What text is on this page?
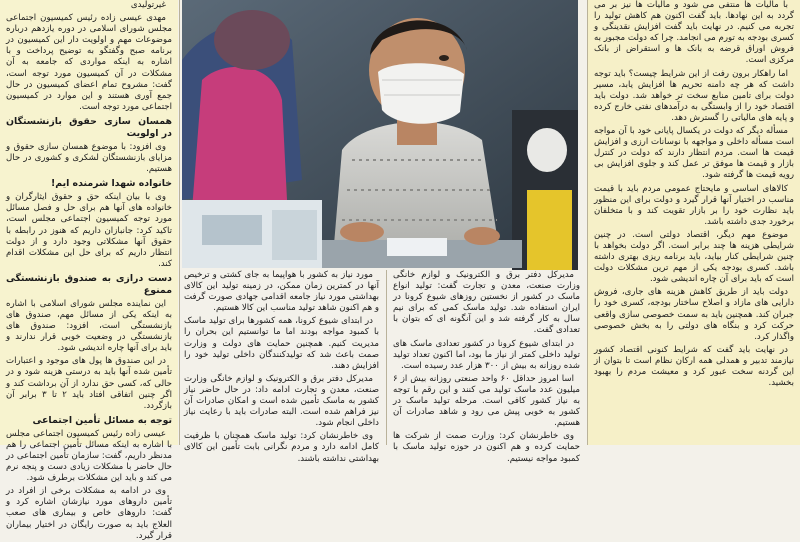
با مالیات ها منتفی می شود و مالیات ها نیز بر می گردد به این نهادها. باید گفت اکنون هم کاهش تولید را تجربه می کنیم. در نهایت باید گفت افزایش نقدینگی و کسری بودجه به تورم می انجامد. چرا که دولت مجبور به فروش اوراق قرضه به بانک ها و استقراض از بانک مرکزی است.

اما راهکار برون رفت از این شرایط چیست؟ باید توجه داشت که هر چه دامنه تحریم ها افزایش یابد، مسیر دولت برای تامین منابع سخت تر خواهد شد. دولت باید اقتصاد خود را از وابستگی به درآمدهای نفتی خارج کرده و پایه های مالیاتی را گسترش دهد.

مسأله دیگر که دولت در یکسال پایانی خود با آن مواجه است مسأله داخلی و مواجهه با نوسانات ارزی و افزایش قیمت ها است. مردم انتظار دارند که دولت در کنترل بازار و قیمت ها موفق تر عمل کند و جلوی افزایش بی رویه قیمت ها گرفته شود.

کالاهای اساسی و مایحتاج عمومی مردم باید با قیمت مناسب در اختیار آنها قرار گیرد و دولت برای این منظور باید نظارت خود را بر بازار تقویت کند و با متخلفان برخورد جدی داشته باشد.

موضوع مهم دیگر، اقتصاد دولتی است. در چنین شرایطی هزینه ها چند برابر است. اگر دولت بخواهد با چنین شرایطی کنار بیاید، باید برنامه ریزی بهتری داشته باشد. کسری بودجه یکی از مهم ترین مشکلات دولت است که باید برای آن چاره اندیشی شود.

دولت باید از طریق کاهش هزینه های جاری، فروش دارایی های مازاد و اصلاح ساختار بودجه، کسری خود را جبران کند. همچنین باید به سمت خصوصی سازی واقعی حرکت کرد و بنگاه های دولتی را به بخش خصوصی واگذار کرد.

در نهایت باید گفت که شرایط کنونی اقتصاد کشور نیازمند تدبیر و همدلی همه ارکان نظام است تا بتوان از این گردنه سخت عبور کرد و معیشت مردم را بهبود بخشید.

مدیرکل دفتر برق و الکترونیک و لوازم خانگی وزارت صنعت، معدن و تجارت گفت: تولید انواع ماسک در کشور از نخستین روزهای شیوع کرونا در ایران استفاده شد. تولید ماسک کمی که برای نیم سال به کار گرفته شد و این آنگونه ای که بتوان با تعدادی گفت.

در ابتدای شیوع کرونا در کشور تعدادی ماسک های تولید داخلی کمتر از نیاز ما بود، اما اکنون تعداد تولید شده روزانه به بیش از ۳۰۰ هزار عدد رسیده است.

اسا امروز حداقل ۶۰ واحد صنعتی روزانه بیش از ۶ میلیون عدد ماسک تولید می کنند و این رقم با توجه به نیاز کشور کافی است. مرحله تولید ماسک در کشور به خوبی پیش می رود و شاهد صادرات آن هستیم.

وی خاطرنشان کرد: وزارت صمت از شرکت ها حمایت کرده و هم اکنون در حوزه تولید ماسک با کمبود مواجه نیستیم.

مورد نیاز به کشور با هواپیما به جای کشتی و ترخیص آنها در کمترین زمان ممکن، در زمینه تولید این کالای بهداشتی مورد نیاز جامعه اقدامی جهادی صورت گرفت و هم اکنون شاهد تولید مناسب این کالا هستیم.

در ابتدای شیوع کرونا، همه کشورها برای تولید ماسک با کمبود مواجه بودند اما ما توانستیم این بحران را مدیریت کنیم. همچنین حمایت های دولت و وزارت صمت باعث شد که تولیدکنندگان داخلی تولید خود را افزایش دهند.

مدیرکل دفتر برق و الکترونیک و لوازم خانگی وزارت صنعت، معدن و تجارت ادامه داد: در حال حاضر نیاز کشور به ماسک تأمین شده است و امکان صادرات آن نیز فراهم شده است. البته صادرات باید با رعایت نیاز داخلی انجام شود.

وی خاطرنشان کرد: تولید ماسک همچنان با ظرفیت کامل ادامه دارد و مردم نگرانی بابت تأمین این کالای بهداشتی نداشته باشند.

غیرتولیدی

مهدی عیسی زاده رئیس کمیسیون اجتماعی مجلس شورای اسلامی در دوره یازدهم درباره موضوعات مهم و اولویت دار این کمیسیون در برنامه صبح وگفتگو به توضیح پرداخت و با اشاره به اینکه مواردی که جامعه به آن مشکلات در آن کمیسیون مورد توجه است، گفت: مشروح تمام اعضای کمیسیون در حال جمع آوری هستند و این موارد در کمیسیون اجتماعی مورد توجه است.

همسان سازی حقوق بازنشستگان در اولویت

وی افزود: با موضوع همسان سازی حقوق و مزایای بازنشستگان لشکری و کشوری در حال هستیم.

خانواده شهدا شرمنده ایم!

وی با بیان اینکه حق و حقوق ایثارگران و خانواده های آنها هم برای حل و فصل مسائل مورد توجه کمیسیون اجتماعی مجلس است، تاکید کرد: جانبازان داریم که هنوز در رابطه با حقوق آنها مشکلاتی وجود دارد و از دولت انتظار داریم که برای حل این مشکلات اقدام کند.

دست درازی به صندوق بازنشستگی ممنوع

این نماینده مجلس شورای اسلامی با اشاره به اینکه یکی از مسائل مهم، صندوق های بازنشستگی است، افزود: صندوق های بازنشستگی در وضعیت خوبی قرار ندارند و باید برای آنها چاره اندیشی شود.

در این صندوق ها پول های موجود و اعتبارات تأمین شده آنها باید به درستی هزینه شود و در حالی که، کسی حق ندارد از آن برداشت کند و اگر چنین اتفاقی افتاد باید ۲ تا ۳ برابر آن بازگردد.

توجه به مسائل تأمین اجتماعی

عیسی زاده رئیس کمیسیون اجتماعی مجلس با اشاره به اینکه مسائل تأمین اجتماعی را هم مدنظر داریم، گفت: سازمان تأمین اجتماعی در حال حاضر با مشکلات زیادی دست و پنجه نرم می کند و باید این مشکلات برطرف شود.

وی در ادامه به مشکلات برخی از افراد در تأمین داروهای مورد نیازشان اشاره کرد و گفت: داروهای خاص و بیماری های صعب العلاج باید به صورت رایگان در اختیار بیماران قرار گیرد.
